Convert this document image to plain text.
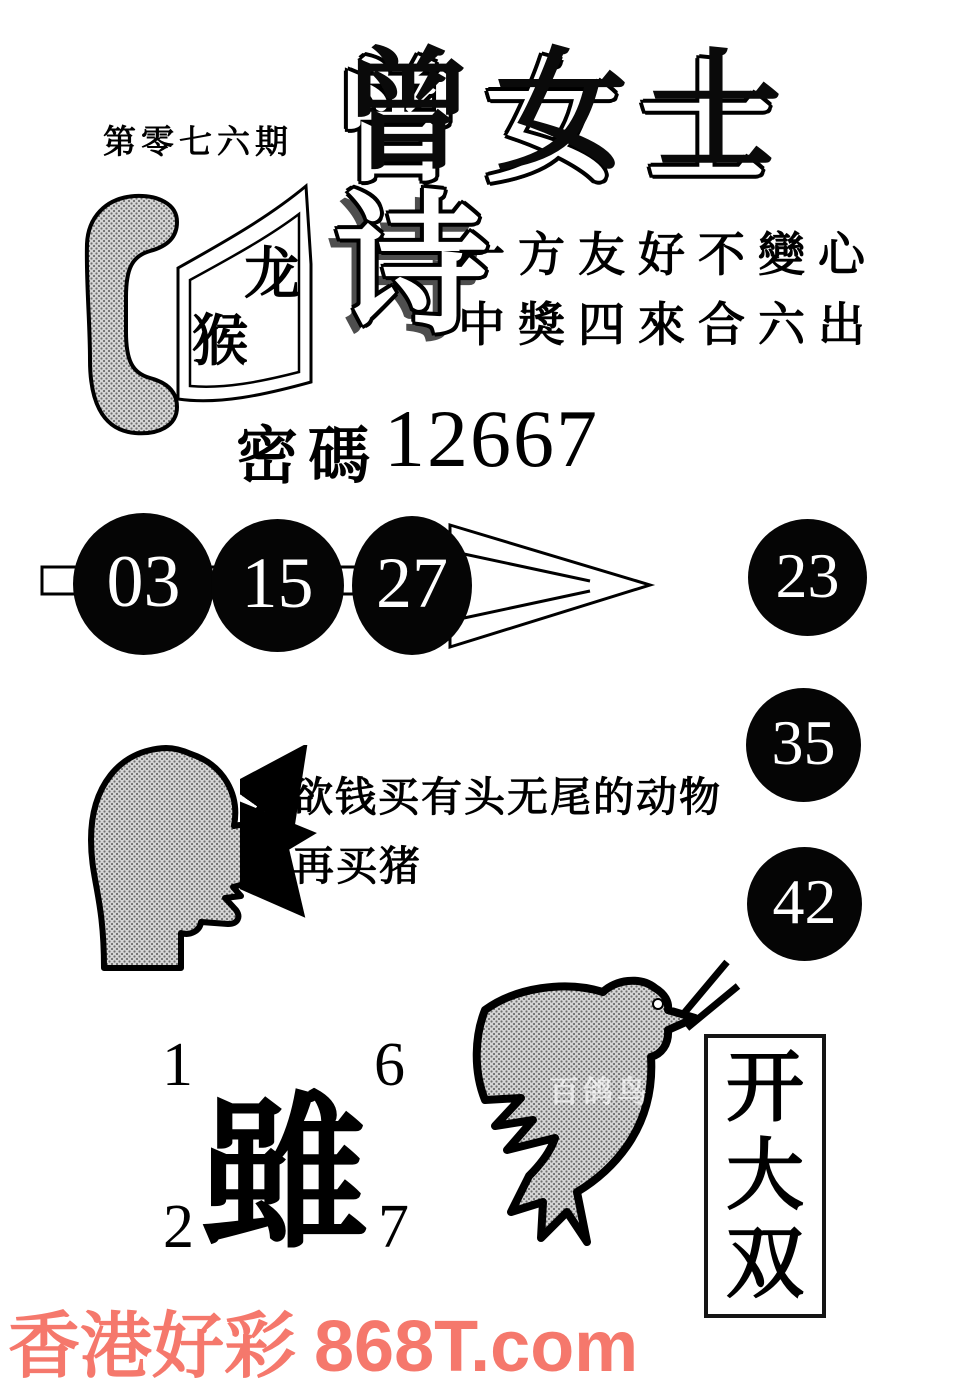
第零七六期 曾女士 曾女士
龙
猴 诗 诗
一方友好不變心
中獎四來合六出
密碼 12667
03 15 27	23
35
42
欲钱买有头无尾的动物
再买猪
1	6
2	7
雖	百鸽鸟 开
大
双
香港好彩 868T.com
